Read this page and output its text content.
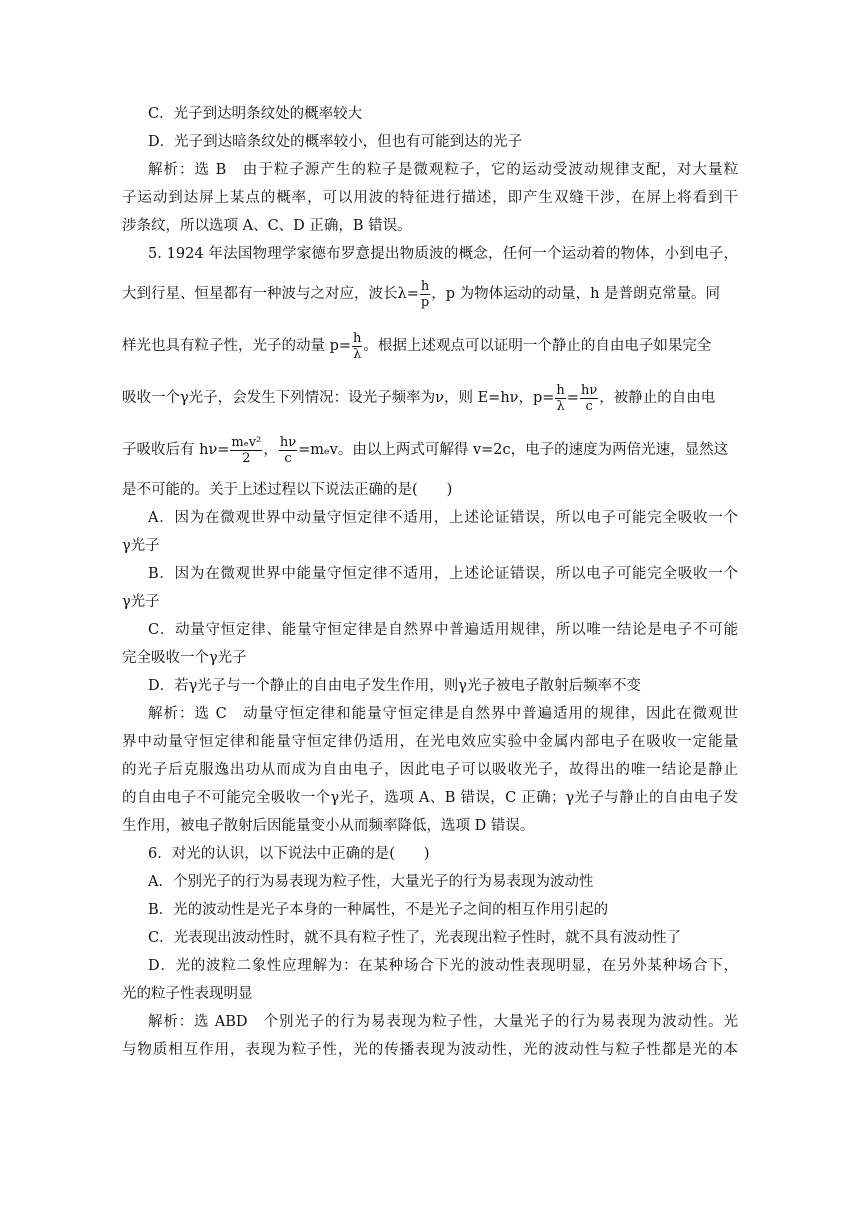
C．光子到达明条纹处的概率较大
D．光子到达暗条纹处的概率较小，但也有可能到达的光子
解析：选 B　由于粒子源产生的粒子是微观粒子，它的运动受波动规律支配，对大量粒
子运动到达屏上某点的概率，可以用波的特征进行描述，即产生双缝干涉，在屏上将看到干
涉条纹，所以选项 A、C、D 正确，B 错误。
5. 1924 年法国物理学家德布罗意提出物质波的概念，任何一个运动着的物体，小到电子，
大到行星、恒星都有一种波与之对应，波长$\lambda= \frac{h}{p}$ ，p 为物体运动的动量，h 是普朗克常量。同
样光也具有粒子性，光子的动量 $p= \frac{h}{\lambda}$ 。根据上述观点可以证明一个静止的自由电子如果完全
吸收一个γ光子，会发生下列情况：设光子频率为ν，则 E=hν，$p= \frac{h}{\lambda} = \frac{h\nu}{c}$ ，被静止的自由电
子吸收后有 $h\nu= \frac{\text{mₑv²}}{2}$ ， $\frac{h\nu}{c} =m_ev$。由以上两式可解得 v=2c，电子的速度为两倍光速，显然这
是不可能的。关于上述过程以下说法正确的是(　　)
A．因为在微观世界中动量守恒定律不适用，上述论证错误，所以电子可能完全吸收一个
γ光子
B．因为在微观世界中能量守恒定律不适用，上述论证错误，所以电子可能完全吸收一个
γ光子
C．动量守恒定律、能量守恒定律是自然界中普遍适用规律，所以唯一结论是电子不可能
完全吸收一个γ光子
D．若γ光子与一个静止的自由电子发生作用，则γ光子被电子散射后频率不变
解析：选 C　动量守恒定律和能量守恒定律是自然界中普遍适用的规律，因此在微观世
界中动量守恒定律和能量守恒定律仍适用，在光电效应实验中金属内部电子在吸收一定能量
的光子后克服逸出功从而成为自由电子，因此电子可以吸收光子，故得出的唯一结论是静止
的自由电子不可能完全吸收一个γ光子，选项 A、B 错误，C 正确；γ光子与静止的自由电子发
生作用，被电子散射后因能量变小从而频率降低，选项 D 错误。
6．对光的认识，以下说法中正确的是(　　)
A．个别光子的行为易表现为粒子性，大量光子的行为易表现为波动性
B．光的波动性是光子本身的一种属性，不是光子之间的相互作用引起的
C．光表现出波动性时，就不具有粒子性了，光表现出粒子性时，就不具有波动性了
D．光的波粒二象性应理解为：在某种场合下光的波动性表现明显，在另外某种场合下，
光的粒子性表现明显
解析：选 ABD　个别光子的行为易表现为粒子性，大量光子的行为易表现为波动性。光
与物质相互作用，表现为粒子性，光的传播表现为波动性，光的波动性与粒子性都是光的本
